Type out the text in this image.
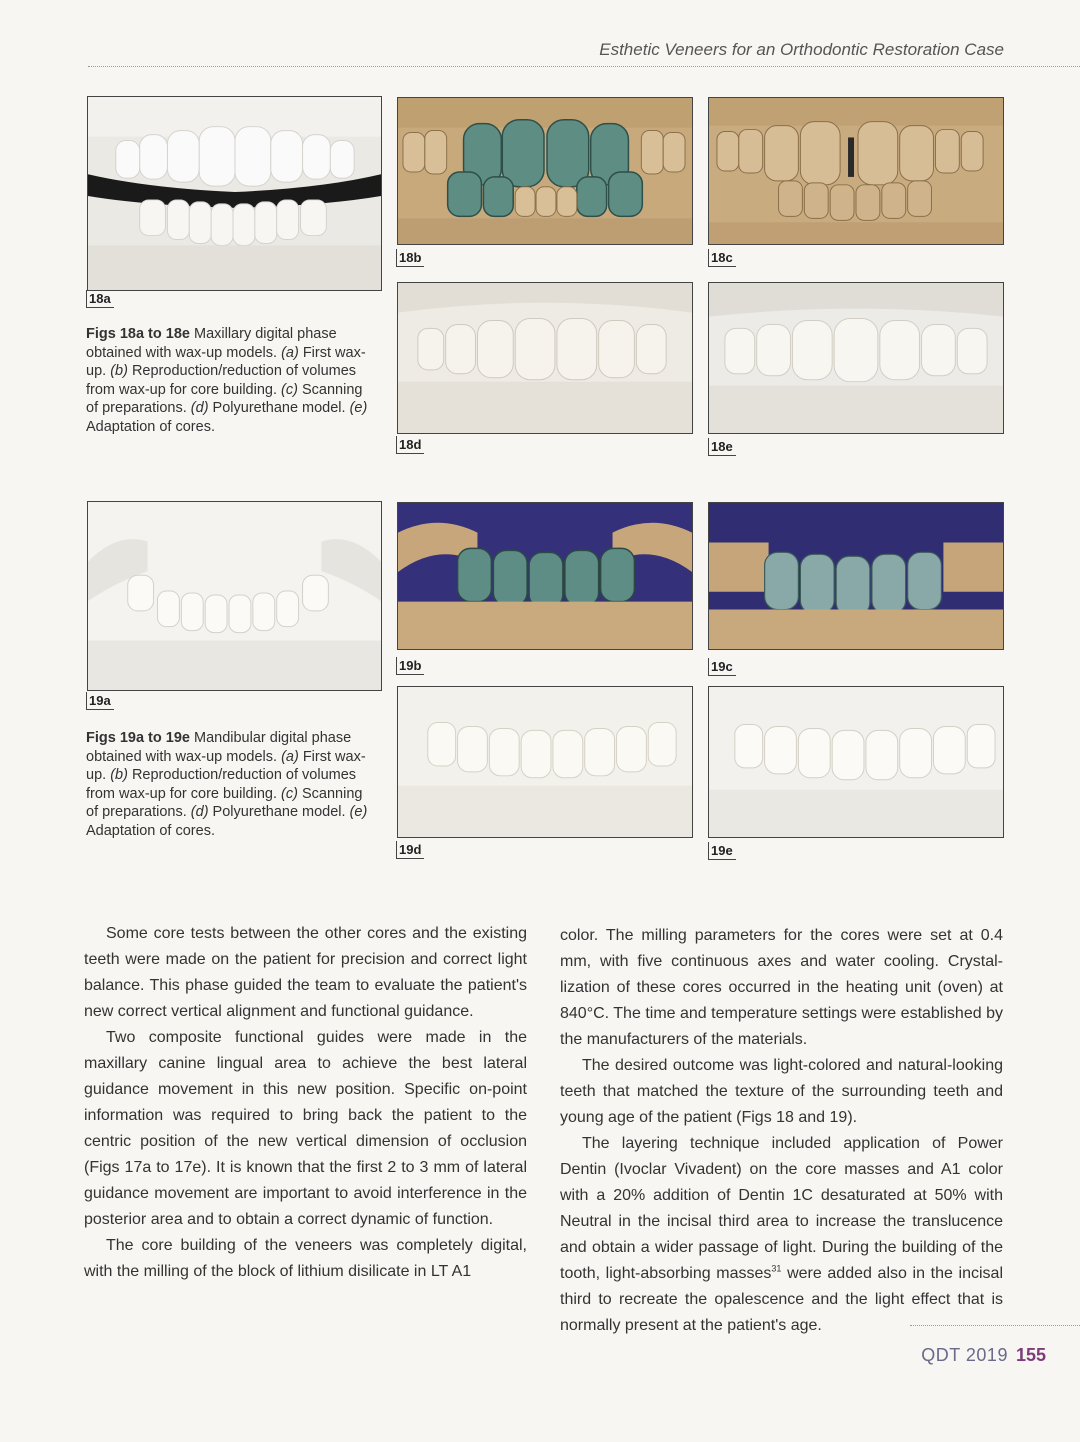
Esthetic Veneers for an Orthodontic Restoration Case
18a
18b	18c
18d	18e
Figs 18a to 18e Maxillary digital phase obtained with wax-up models. (a) First wax-up. (b) Reproduction/reduction of volumes from wax-up for core building. (c) Scanning of preparations. (d) Polyurethane model. (e) Adaptation of cores.
19a
19b	19c
19d	19e
Figs 19a to 19e Mandibular digital phase obtained with wax-up models. (a) First wax-up. (b) Reproduction/reduction of volumes from wax-up for core building. (c) Scanning of preparations. (d) Polyurethane model. (e) Adaptation of cores.

Some core tests between the other cores and the existing teeth were made on the patient for precision and correct light balance. This phase guided the team to evaluate the patient's new correct vertical alignment and functional guidance.

Two composite functional guides were made in the maxillary canine lingual area to achieve the best lateral guidance movement in this new position. Specific on-point information was required to bring back the patient to the centric position of the new vertical dimension of occlusion (Figs 17a to 17e). It is known that the first 2 to 3 mm of lateral guidance movement are important to avoid interference in the posterior area and to obtain a correct dynamic of function.

The core building of the veneers was completely digital, with the milling of the block of lithium disilicate in LT A1

color. The milling parameters for the cores were set at 0.4 mm, with five continuous axes and water cooling. Crystallization of these cores occurred in the heating unit (oven) at 840°C. The time and temperature settings were established by the manufacturers of the materials.

The desired outcome was light-colored and natural-looking teeth that matched the texture of the surrounding teeth and young age of the patient (Figs 18 and 19).

The layering technique included application of Power Dentin (Ivoclar Vivadent) on the core masses and A1 color with a 20% addition of Dentin 1C desaturated at 50% with Neutral in the incisal third area to increase the translucence and obtain a wider passage of light. During the building of the tooth, light-absorbing masses$^{31}$ were added also in the incisal third to recreate the opalescence and the light effect that is normally present at the patient's age.

QDT 2019 155
